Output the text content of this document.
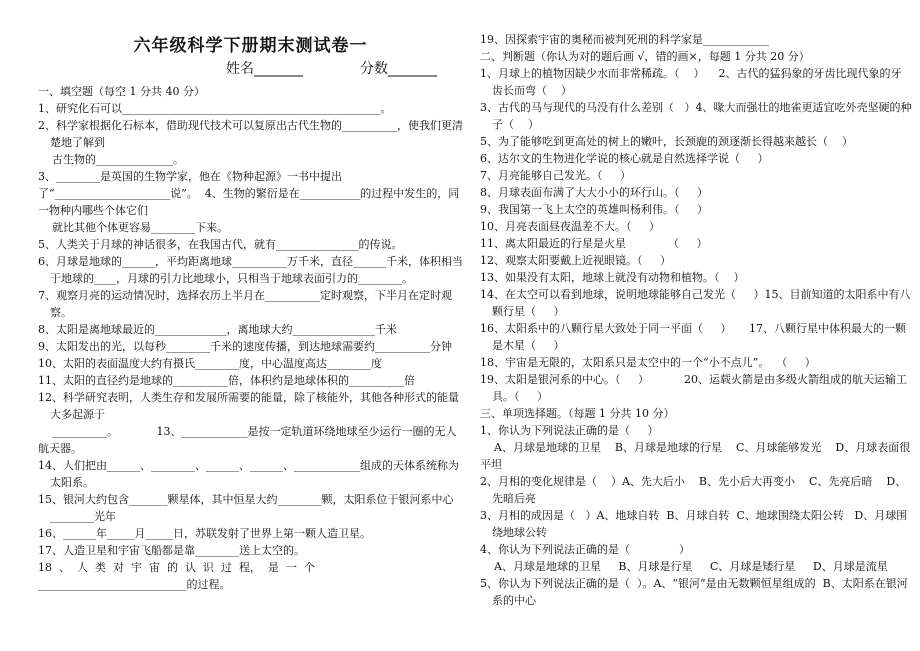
六年级科学下册期末测试卷一
姓名_______	分数_______
一、填空题（每空 1 分共 40 分）
1、研究化石可以_______________________________________________。
2、科学家根据化石标本，借助现代技术可以复原出古代生物的__________，使我们更清楚地了解到
古生物的______________。
3、________是英国的生物学家，他在《物种起源》一书中提出了“_____________________说”。  4、生物的繁衍是在___________的过程中发生的，同一物种内哪些个体它们
就比其他个体更容易________下来。
5、人类关于月球的神话很多，在我国古代，就有_______________的传说。
6、月球是地球的______，平均距离地球__________万千米，直径______千米，体积相当于地球的____，月球的引力比地球小，只相当于地球表面引力的________。
7、观察月亮的运动情况时，选择农历上半月在__________定时观察，下半月在定时观察。
8、太阳是离地球最近的_____________，离地球大约_______________千米
9、太阳发出的光，以每秒________千米的速度传播，到达地球需要约__________分钟
10、太阳的表面温度大约有摄氏________度，中心温度高达________度
11、太阳的直径约是地球的__________倍，体积约是地球体积的__________倍
12、科学研究表明，人类生存和发展所需要的能量，除了核能外，其他各种形式的能量大多起源于
__________。           13、____________是按一定轨道环绕地球至少运行一圈的无人航天器。
14、人们把由______、________、______、______、____________组成的天体系统称为太阳系。
15、银河大约包含_______颗星体，其中恒星大约________颗，太阳系位于银河系中心________光年
16、______年_____月_____日，苏联发射了世界上第一颗人造卫星。
17、人造卫星和宇宙飞船都是靠________送上太空的。
18  、  人  类  对  宇  宙  的  认  识  过  程，  是  一  个___________________________的过程。
19、因探索宇宙的奥秘而被判死刑的科学家是____________
二、判断题（你认为对的题后画 √，错的画×，每题 1 分共 20 分）
1、月球上的植物因缺少水而非常稀疏。（    ）    2、古代的猛犸象的牙齿比现代象的牙齿长而弯（    ）
3、古代的马与现代的马没有什么差别（   ）4、喙大而强壮的地雀更适宜吃外壳坚硬的种子（    ）
5、为了能够吃到更高处的树上的嫩叶，长颈鹿的颈逐渐长得越来越长（    ）
6、达尔文的生物进化学说的核心就是自然选择学说（     ）
7、月亮能够自己发光。（     ）
8、月球表面布满了大大小小的环行山。（     ）
9、我国第一飞上太空的英雄叫杨利伟。（     ）
10、月亮表面昼夜温差不大。（     ）
11、离太阳最近的行星是火星            （     ）
12、观察太阳要戴上近视眼镜。（     ）
13、如果没有太阳，地球上就没有动物和植物。（    ）
14、在太空可以看到地球，说明地球能够自己发光（     ）15、目前知道的太阳系中有八颗行星（     ）
16、太阳系中的八颗行星大致处于同一平面（     ）     17、八颗行星中体积最大的一颗是木星（     ）
18、宇宙是无限的，太阳系只是太空中的一个“小不点儿”。  （     ）
19、太阳是银河系的中心。（     ）          20、运载火箭是由多级火箭组成的航天运输工具。（     ）
三、单项选择题。（每题 1 分共 10 分）
1、你认为下列说法正确的是（     ）
A、月球是地球的卫星    B、月球是地球的行星    C、月球能够发光    D、月球表面很平坦
2、月相的变化规律是（    ）A、先大后小    B、先小后大再变小    C、先亮后暗    D、先暗后亮
3、月相的成因是（   ）A、地球自转  B、月球自转  C、地球围绕太阳公转   D、月球围绕地球公转
4、你认为下列说法正确的是（              ）
A、月球是地球的卫星     B、月球是行星     C、月球是矮行星     D、月球是流星
5、你认为下列说法正确的是（  ）。A、“银河”是由无数颗恒星组成的  B、太阳系在银河系的中心
